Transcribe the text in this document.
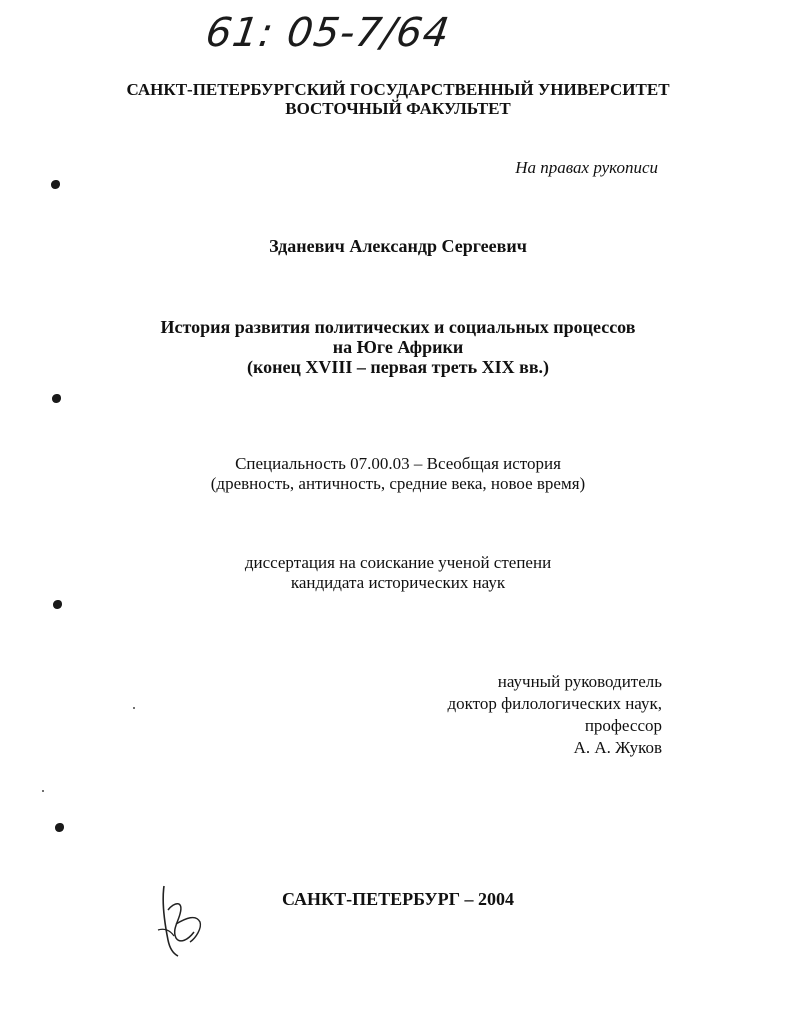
61: 05-7/64
САНКТ-ПЕТЕРБУРГСКИЙ ГОСУДАРСТВЕННЫЙ УНИВЕРСИТЕТ
ВОСТОЧНЫЙ ФАКУЛЬТЕТ
На правах рукописи
Зданевич Александр Сергеевич
История развития политических и социальных процессов
на Юге Африки
(конец XVIII – первая треть XIX вв.)
Специальность 07.00.03 – Всеобщая история
(древность, античность, средние века, новое время)
диссертация на соискание ученой степени
кандидата исторических наук
научный руководитель
доктор филологических наук,
профессор
А. А. Жуков
САНКТ-ПЕТЕРБУРГ – 2004
